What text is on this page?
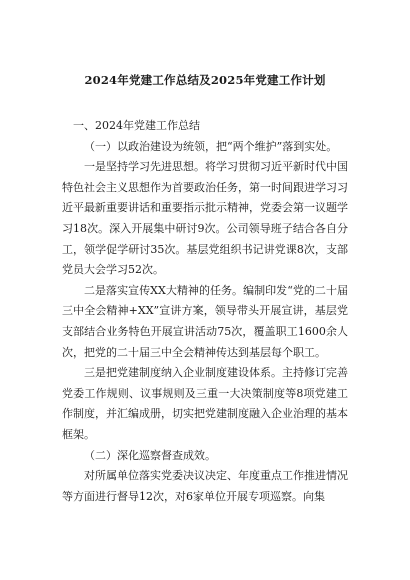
2024年党建工作总结及2025年党建工作计划

一、2024年党建工作总结

（一）以政治建设为统领，把“两个维护”落到实处。

一是坚持学习先进思想。将学习贯彻习近平新时代中国特色社会主义思想作为首要政治任务，第一时间跟进学习习近平最新重要讲话和重要指示批示精神，党委会第一议题学习18次。深入开展集中研讨9次。公司领导班子结合各自分工，领学促学研讨35次。基层党组织书记讲党课8次，支部党员大会学习52次。

二是落实宣传XX大精神的任务。编制印发“党的二十届三中全会精神+XX”宣讲方案，领导带头开展宣讲，基层党支部结合业务特色开展宣讲活动75次，覆盖职工1600余人次，把党的二十届三中全会精神传达到基层每个职工。

三是把党建制度纳入企业制度建设体系。主持修订完善党委工作规则、议事规则及三重一大决策制度等8项党建工作制度，并汇编成册，切实把党建制度融入企业治理的基本框架。

（二）深化巡察督查成效。

对所属单位落实党委决议决定、年度重点工作推进情况等方面进行督导12次，对6家单位开展专项巡察。向集
